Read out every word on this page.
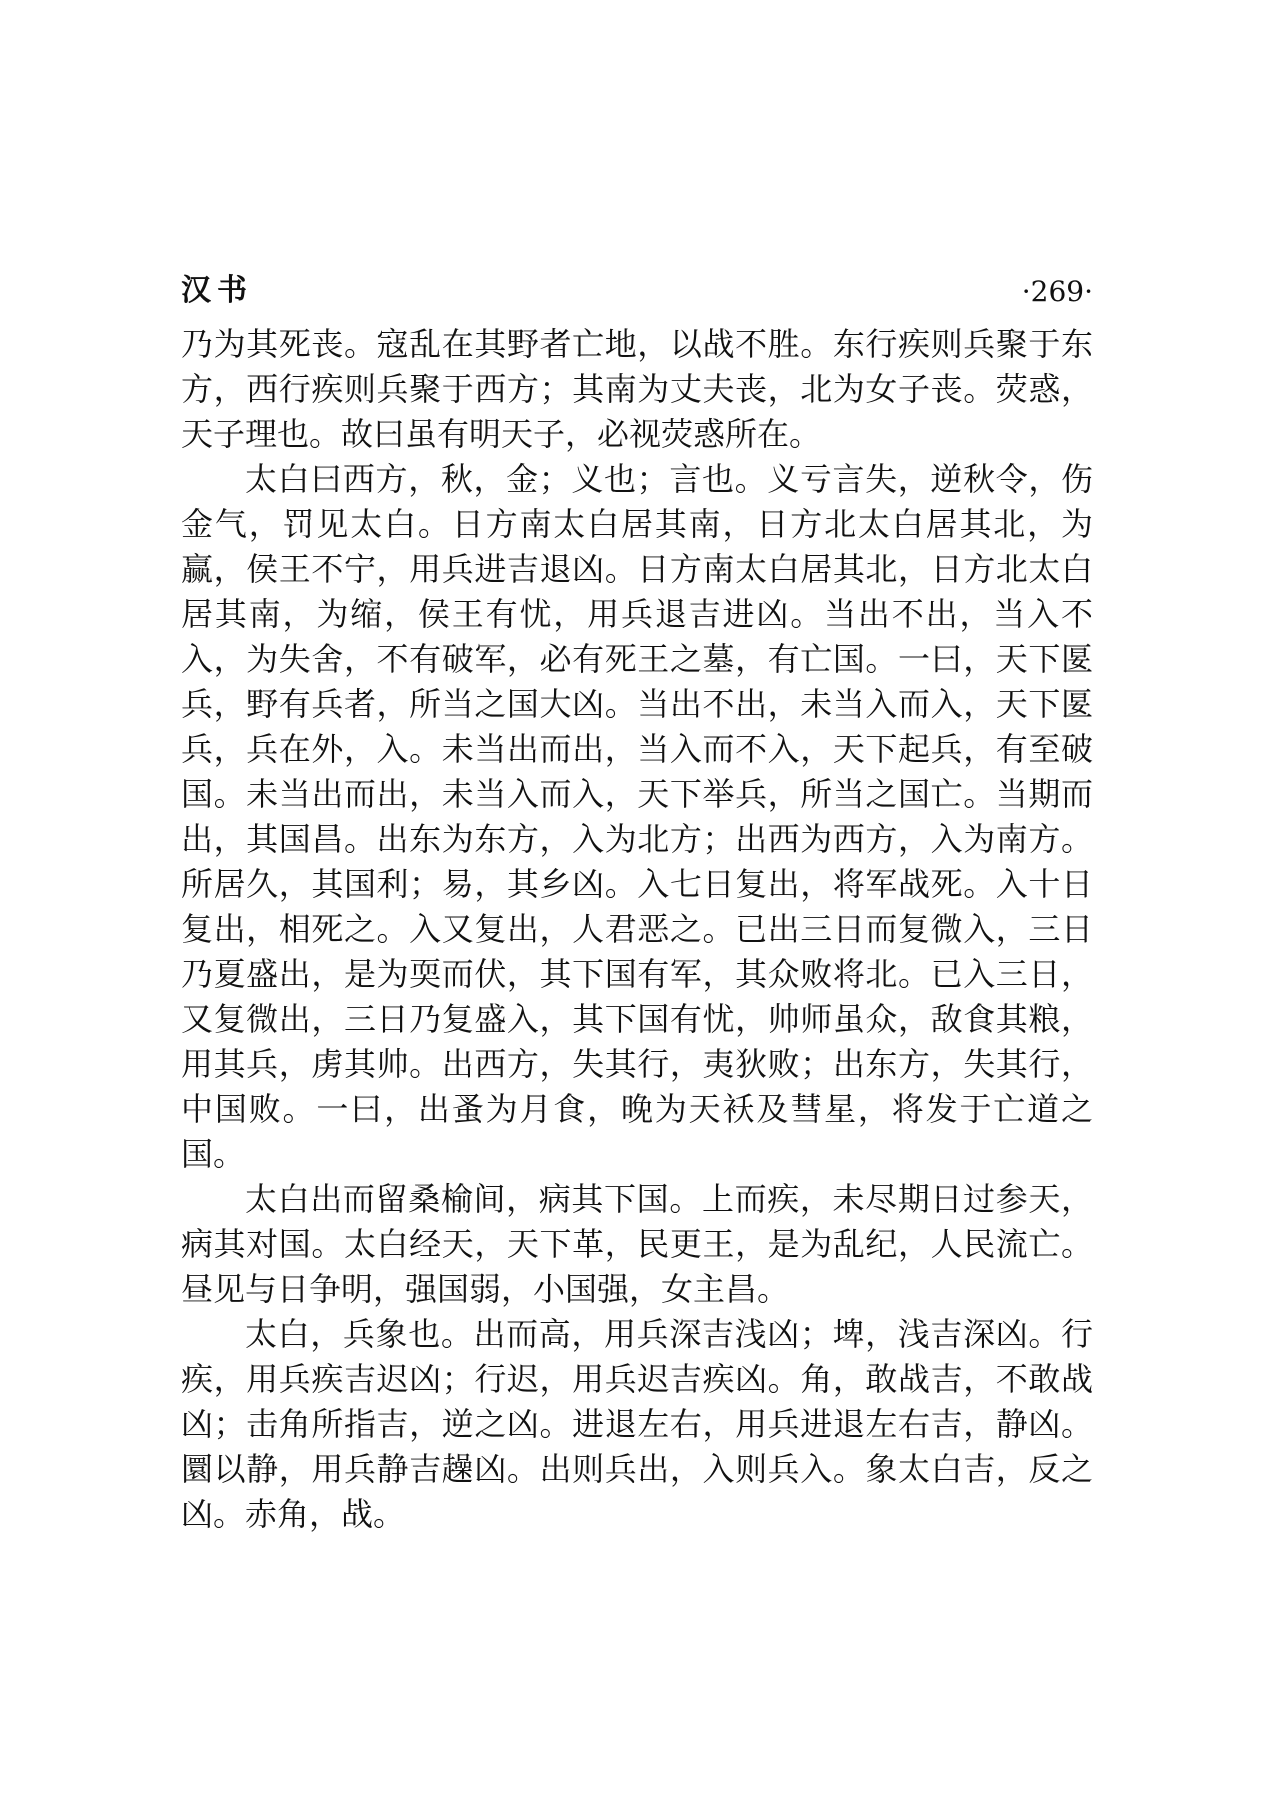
汉书	·269·

乃为其死丧。寇乱在其野者亡地，以战不胜。东行疾则兵聚于东方，西行疾则兵聚于西方；其南为丈夫丧，北为女子丧。荧惑，天子理也。故曰虽有明天子，必视荧惑所在。

太白曰西方，秋，金；义也；言也。义亏言失，逆秋令，伤金气，罚见太白。日方南太白居其南，日方北太白居其北，为赢，侯王不宁，用兵进吉退凶。日方南太白居其北，日方北太白居其南，为缩，侯王有忧，用兵退吉进凶。当出不出，当入不入，为失舍，不有破军，必有死王之墓，有亡国。一曰，天下匽兵，野有兵者，所当之国大凶。当出不出，未当入而入，天下匽兵，兵在外，入。未当出而出，当入而不入，天下起兵，有至破国。未当出而出，未当入而入，天下举兵，所当之国亡。当期而出，其国昌。出东为东方，入为北方；出西为西方，入为南方。所居久，其国利；易，其乡凶。入七日复出，将军战死。入十日复出，相死之。入又复出，人君恶之。已出三日而复微入，三日乃夏盛出，是为耎而伏，其下国有军，其众败将北。已入三日，又复微出，三日乃复盛入，其下国有忧，帅师虽众，敌食其粮，用其兵，虏其帅。出西方，失其行，夷狄败；出东方，失其行，中国败。一曰，出蚤为月食，晚为天袄及彗星，将发于亡道之国。

太白出而留桑榆间，病其下国。上而疾，未尽期日过参天，病其对国。太白经天，天下革，民更王，是为乱纪，人民流亡。昼见与日争明，强国弱，小国强，女主昌。

太白，兵象也。出而高，用兵深吉浅凶；埤，浅吉深凶。行疾，用兵疾吉迟凶；行迟，用兵迟吉疾凶。角，敢战吉，不敢战凶；击角所指吉，逆之凶。进退左右，用兵进退左右吉，静凶。圜以静，用兵静吉趮凶。出则兵出，入则兵入。象太白吉，反之凶。赤角，战。
